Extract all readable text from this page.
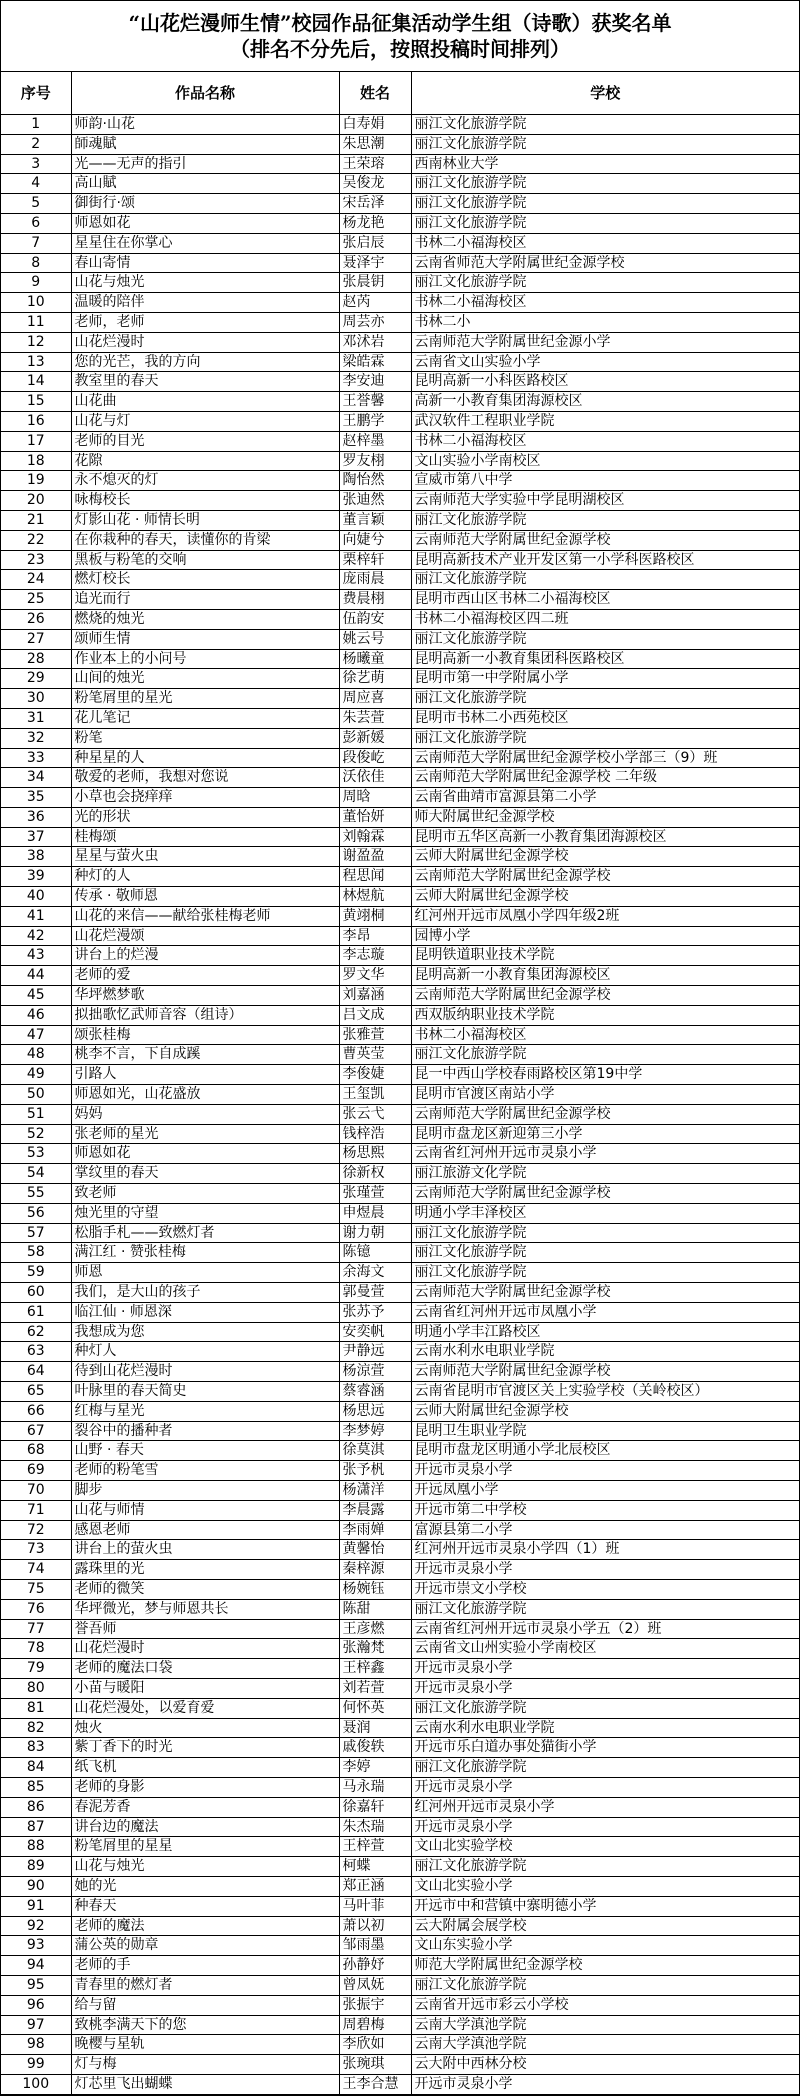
“山花烂漫师生情”校园作品征集活动学生组（诗歌）获奖名单
（排名不分先后，按照投稿时间排列）
序号	作品名称	姓名	学校
1	师韵·山花	白寿娟	丽江文化旅游学院
2	師魂賦	朱思潮	丽江文化旅游学院
3	光——无声的指引	王荣瑢	西南林业大学
4	高山賦	吴俊龙	丽江文化旅游学院
5	御街行·颂	宋岳泽	丽江文化旅游学院
6	师恩如花	杨龙艳	丽江文化旅游学院
7	星星住在你掌心	张启辰	书林二小福海校区
8	春山寄情	聂泽宇	云南省师范大学附属世纪金源学校
9	山花与烛光	张晨钥	丽江文化旅游学院
10	温暖的陪伴	赵芮	书林二小福海校区
11	老师，老师	周芸亦	书林二小
12	山花烂漫时	邓沭岩	云南师范大学附属世纪金源小学
13	您的光芒，我的方向	梁皓霖	云南省文山实验小学
14	教室里的春天	李安迪	昆明高新一小科医路校区
15	山花曲	王誉馨	高新一小教育集团海源校区
16	山花与灯	王鹏学	武汉软件工程职业学院
17	老师的目光	赵梓墨	书林二小福海校区
18	花隙	罗友栩	文山实验小学南校区
19	永不熄灭的灯	陶怡然	宣威市第八中学
20	咏梅校长	张迪然	云南师范大学实验中学昆明湖校区
21	灯影山花 · 师情长明	董言颖	丽江文化旅游学院
22	在你栽种的春天，读懂你的肯梁	向婕兮	云南师范大学附属世纪金源学校
23	黑板与粉笔的交响	栗梓轩	昆明高新技术产业开发区第一小学科医路校区
24	燃灯校长	庞雨晨	丽江文化旅游学院
25	追光而行	费晨栩	昆明市西山区书林二小福海校区
26	燃烧的烛光	伍韵安	书林二小福海校区四二班
27	颂师生情	姚云号	丽江文化旅游学院
28	作业本上的小问号	杨曦童	昆明高新一小教育集团科医路校区
29	山间的烛光	徐艺萌	昆明市第一中学附属小学
30	粉笔屑里的星光	周应喜	丽江文化旅游学院
31	花儿笔记	朱芸萱	昆明市书林二小西苑校区
32	粉笔	彭新媛	丽江文化旅游学院
33	种星星的人	段俊屹	云南师范大学附属世纪金源学校小学部三（9）班
34	敬爱的老师，我想对您说	沃依佳	云南师范大学附属世纪金源学校 二年级
35	小草也会挠痒痒	周晗	云南省曲靖市富源县第二小学
36	光的形状	董怡妍	师大附属世纪金源学校
37	桂梅颂	刘翰霖	昆明市五华区高新一小教育集团海源校区
38	星星与萤火虫	谢盈盈	云师大附属世纪金源学校
39	种灯的人	程思闻	云南师范大学附属世纪金源学校
40	传承 · 敬师恩	林煜航	云师大附属世纪金源学校
41	山花的来信——献给张桂梅老师	黄翊桐	红河州开远市凤凰小学四年级2班
42	山花烂漫颂	李昂	园博小学
43	讲台上的烂漫	李志璇	昆明铁道职业技术学院
44	老师的爱	罗文华	昆明高新一小教育集团海源校区
45	华坪燃梦歌	刘嘉涵	云南师范大学附属世纪金源学校
46	拟拙歌忆武师音容（组诗）	吕文成	西双版纳职业技术学院
47	颂张桂梅	张雅萱	书林二小福海校区
48	桃李不言，下自成蹊	曹英莹	丽江文化旅游学院
49	引路人	李俊婕	昆一中西山学校春雨路校区第19中学
50	师恩如光，山花盛放	王玺凯	昆明市官渡区南站小学
51	妈妈	张云弋	云南师范大学附属世纪金源学校
52	张老师的星光	钱梓浩	昆明市盘龙区新迎第三小学
53	师恩如花	杨思熙	云南省红河州开远市灵泉小学
54	掌纹里的春天	徐新权	丽江旅游文化学院
55	致老师	张瑾萱	云南师范大学附属世纪金源学校
56	烛光里的守望	申煜晨	明通小学丰泽校区
57	松脂手札——致燃灯者	谢力朝	丽江文化旅游学院
58	满江红 · 赞张桂梅	陈镱	丽江文化旅游学院
59	师恩	余海文	丽江文化旅游学院
60	我们，是大山的孩子	郭曼萱	云南师范大学附属世纪金源学校
61	临江仙 · 师恩深	张苏予	云南省红河州开远市凤凰小学
62	我想成为您	安奕帆	明通小学丰江路校区
63	种灯人	尹静远	云南水利水电职业学院
64	待到山花烂漫时	杨涼萱	云南师范大学附属世纪金源学校
65	叶脉里的春天简史	蔡睿涵	云南省昆明市官渡区关上实验学校（关岭校区）
66	红梅与星光	杨思远	云师大附属世纪金源学校
67	裂谷中的播种者	李梦婷	昆明卫生职业学院
68	山野 · 春天	徐莫淇	昆明市盘龙区明通小学北辰校区
69	老师的粉笔雪	张予杋	开远市灵泉小学
70	脚步	杨潇洋	开远凤凰小学
71	山花与师情	李晨露	开远市第二中学校
72	感恩老师	李雨婵	富源县第二小学
73	讲台上的萤火虫	黄馨怡	红河州开远市灵泉小学四（1）班
74	露珠里的光	秦梓源	开远市灵泉小学
75	老师的微笑	杨婉钰	开远市崇文小学校
76	华坪微光，梦与师恩共长	陈甜	丽江文化旅游学院
77	誉吾师	王彦燃	云南省红河州开远市灵泉小学五（2）班
78	山花烂漫时	张瀚梵	云南省文山州实验小学南校区
79	老师的魔法口袋	王梓鑫	开远市灵泉小学
80	小苗与暖阳	刘若萱	开远市灵泉小学
81	山花烂漫处，以爱育爱	何怀英	丽江文化旅游学院
82	烛火	聂润	云南水利水电职业学院
83	紫丁香下的时光	戚俊轶	开远市乐白道办事处猫街小学
84	纸飞机	李婷	丽江文化旅游学院
85	老师的身影	马永瑞	开远市灵泉小学
86	春泥芳香	徐嘉轩	红河州开远市灵泉小学
87	讲台边的魔法	朱杰瑞	开远市灵泉小学
88	粉笔屑里的星星	王梓萱	文山北实验学校
89	山花与烛光	柯蝶	丽江文化旅游学院
90	她的光	郑正涵	文山北实验小学
91	种春天	马叶菲	开远市中和营镇中寨明德小学
92	老师的魔法	萧以初	云大附属会展学校
93	蒲公英的勋章	邹雨墨	文山东实验小学
94	老师的手	孙静妤	师范大学附属世纪金源学校
95	青春里的燃灯者	曾凤妩	丽江文化旅游学院
96	给与留	张振宇	云南省开远市彩云小学校
97	致桃李满天下的您	周碧梅	云南大学滇池学院
98	晚樱与星轨	李欣如	云南大学滇池学院
99	灯与梅	张琬琪	云大附中西林分校
100	灯芯里飞出蝴蝶	王李合慧	开远市灵泉小学
